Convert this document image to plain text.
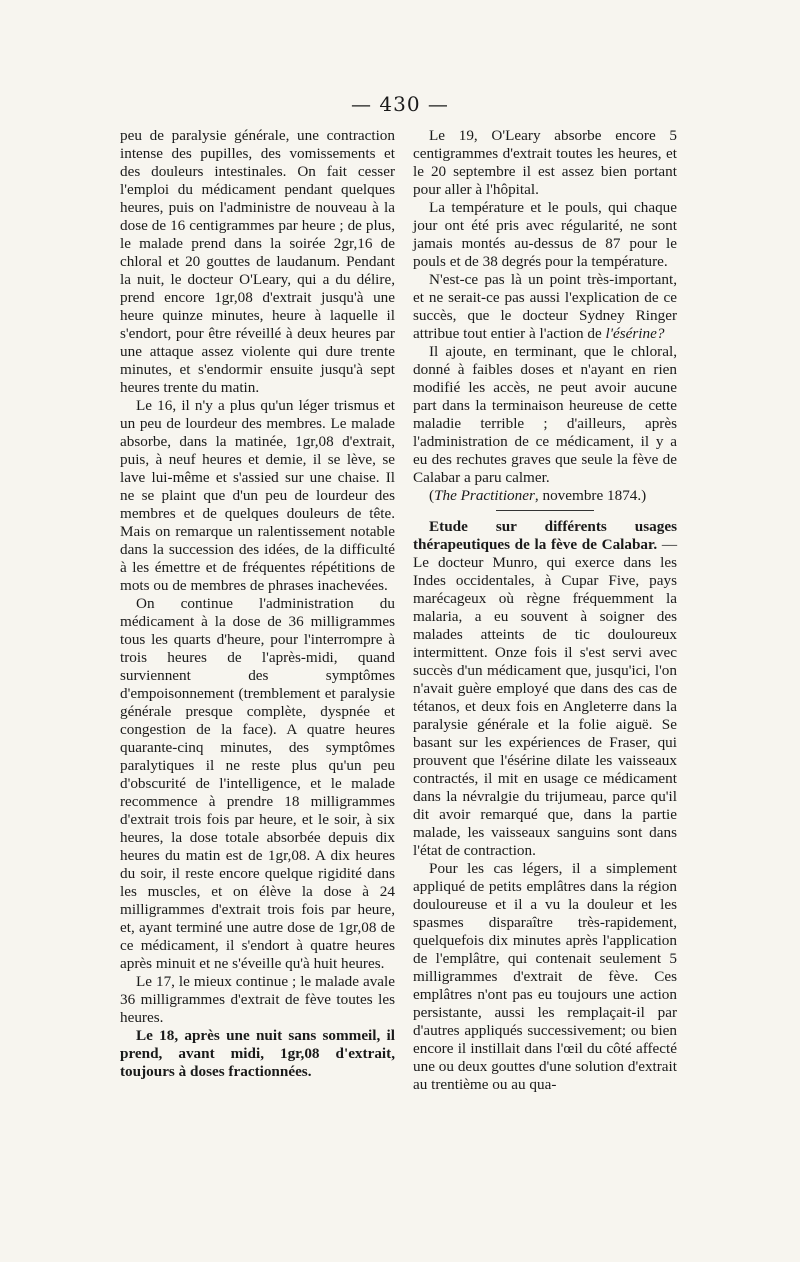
— 430 —

peu de paralysie générale, une contraction intense des pupilles, des vomissements et des douleurs intestinales. On fait cesser l'emploi du médicament pendant quelques heures, puis on l'administre de nouveau à la dose de 16 centigrammes par heure ; de plus, le malade prend dans la soirée 2gr,16 de chloral et 20 gouttes de laudanum. Pendant la nuit, le docteur O'Leary, qui a du délire, prend encore 1gr,08 d'extrait jusqu'à une heure quinze minutes, heure à laquelle il s'endort, pour être réveillé à deux heures par une attaque assez violente qui dure trente minutes, et s'endormir ensuite jusqu'à sept heures trente du matin.

Le 16, il n'y a plus qu'un léger trismus et un peu de lourdeur des membres. Le malade absorbe, dans la matinée, 1gr,08 d'extrait, puis, à neuf heures et demie, il se lève, se lave lui-même et s'assied sur une chaise. Il ne se plaint que d'un peu de lourdeur des membres et de quelques douleurs de tête. Mais on remarque un ralentissement notable dans la succession des idées, de la difficulté à les émettre et de fréquentes répétitions de mots ou de membres de phrases inachevées.

On continue l'administration du médicament à la dose de 36 milligrammes tous les quarts d'heure, pour l'interrompre à trois heures de l'après-midi, quand surviennent des symptômes d'empoisonnement (tremblement et paralysie générale presque complète, dyspnée et congestion de la face). A quatre heures quarante-cinq minutes, des symptômes paralytiques il ne reste plus qu'un peu d'obscurité de l'intelligence, et le malade recommence à prendre 18 milligrammes d'extrait trois fois par heure, et le soir, à six heures, la dose totale absorbée depuis dix heures du matin est de 1gr,08. A dix heures du soir, il reste encore quelque rigidité dans les muscles, et on élève la dose à 24 milligrammes d'extrait trois fois par heure, et, ayant terminé une autre dose de 1gr,08 de ce médicament, il s'endort à quatre heures après minuit et ne s'éveille qu'à huit heures.

Le 17, le mieux continue ; le malade avale 36 milligrammes d'extrait de fève toutes les heures.

Le 18, après une nuit sans sommeil, il prend, avant midi, 1gr,08 d'extrait, toujours à doses fractionnées.

Le 19, O'Leary absorbe encore 5 centigrammes d'extrait toutes les heures, et le 20 septembre il est assez bien portant pour aller à l'hôpital.

La température et le pouls, qui chaque jour ont été pris avec régularité, ne sont jamais montés au-dessus de 87 pour le pouls et de 38 degrés pour la température.

N'est-ce pas là un point très-important, et ne serait-ce pas aussi l'explication de ce succès, que le docteur Sydney Ringer attribue tout entier à l'action de l'ésérine?

Il ajoute, en terminant, que le chloral, donné à faibles doses et n'ayant en rien modifié les accès, ne peut avoir aucune part dans la terminaison heureuse de cette maladie terrible ; d'ailleurs, après l'administration de ce médicament, il y a eu des rechutes graves que seule la fève de Calabar a paru calmer.

(The Practitioner, novembre 1874.)

Etude sur différents usages thérapeutiques de la fève de Calabar. — Le docteur Munro, qui exerce dans les Indes occidentales, à Cupar Five, pays marécageux où règne fréquemment la malaria, a eu souvent à soigner des malades atteints de tic douloureux intermittent. Onze fois il s'est servi avec succès d'un médicament que, jusqu'ici, l'on n'avait guère employé que dans des cas de tétanos, et deux fois en Angleterre dans la paralysie générale et la folie aiguë. Se basant sur les expériences de Fraser, qui prouvent que l'ésérine dilate les vaisseaux contractés, il mit en usage ce médicament dans la névralgie du trijumeau, parce qu'il dit avoir remarqué que, dans la partie malade, les vaisseaux sanguins sont dans l'état de contraction.

Pour les cas légers, il a simplement appliqué de petits emplâtres dans la région douloureuse et il a vu la douleur et les spasmes disparaître très-rapidement, quelquefois dix minutes après l'application de l'emplâtre, qui contenait seulement 5 milligrammes d'extrait de fève. Ces emplâtres n'ont pas eu toujours une action persistante, aussi les remplaçait-il par d'autres appliqués successivement; ou bien encore il instillait dans l'œil du côté affecté une ou deux gouttes d'une solution d'extrait au trentième ou au qua-
